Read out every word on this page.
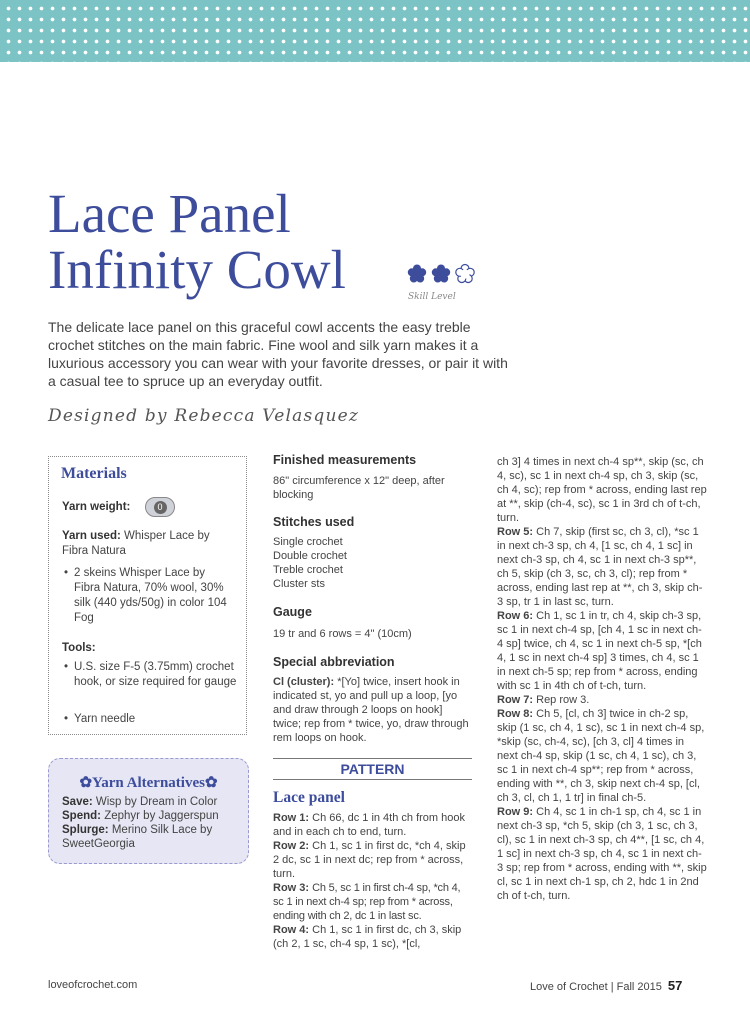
Lace Panel
Infinity Cowl	Skill Level

The delicate lace panel on this graceful cowl accents the easy treble crochet stitches on the main fabric. Fine wool and silk yarn makes it a luxurious accessory you can wear with your favorite dresses, or pair it with a casual tee to spruce up an everyday outfit.

Designed by Rebecca Velasquez
Materials
Yarn weight:	0
Yarn used: Whisper Lace by Fibra Natura
• 2 skeins Whisper Lace by Fibra Natura, 70% wool, 30% silk (440 yds/50g) in color 104 Fog
Tools:
• U.S. size F-5 (3.75mm) crochet hook, or size required for gauge
• Yarn needle
✿Yarn Alternatives✿
Save: Wisp by Dream in Color
Spend: Zephyr by Jaggerspun
Splurge: Merino Silk Lace by SweetGeorgia
Finished measurements
86" circumference x 12" deep, after blocking
Stitches used
Single crochet
Double crochet
Treble crochet
Cluster sts
Gauge
19 tr and 6 rows = 4" (10cm)
Special abbreviation
Cl (cluster): *[Yo] twice, insert hook in indicated st, yo and pull up a loop, [yo and draw through 2 loops on hook] twice; rep from * twice, yo, draw through rem loops on hook.
PATTERN
Lace panel
Row 1: Ch 66, dc 1 in 4th ch from hook and in each ch to end, turn.
Row 2: Ch 1, sc 1 in first dc, *ch 4, skip 2 dc, sc 1 in next dc; rep from * across, turn.
Row 3: Ch 5, sc 1 in first ch-4 sp, *ch 4, sc 1 in next ch-4 sp; rep from * across, ending with ch 2, dc 1 in last sc.
Row 4: Ch 1, sc 1 in first dc, ch 3, skip (ch 2, 1 sc, ch-4 sp, 1 sc), *[cl,
ch 3] 4 times in next ch-4 sp**, skip (sc, ch 4, sc), sc 1 in next ch-4 sp, ch 3, skip (sc, ch 4, sc); rep from * across, ending last rep at **, skip (ch-4, sc), sc 1 in 3rd ch of t-ch, turn.
Row 5: Ch 7, skip (first sc, ch 3, cl), *sc 1 in next ch-3 sp, ch 4, [1 sc, ch 4, 1 sc] in next ch-3 sp, ch 4, sc 1 in next ch-3 sp**, ch 5, skip (ch 3, sc, ch 3, cl); rep from * across, ending last rep at **, ch 3, skip ch-3 sp, tr 1 in last sc, turn.
Row 6: Ch 1, sc 1 in tr, ch 4, skip ch-3 sp, sc 1 in next ch-4 sp, [ch 4, 1 sc in next ch-4 sp] twice, ch 4, sc 1 in next ch-5 sp, *[ch 4, 1 sc in next ch-4 sp] 3 times, ch 4, sc 1 in next ch-5 sp; rep from * across, ending with sc 1 in 4th ch of t-ch, turn.
Row 7: Rep row 3.
Row 8: Ch 5, [cl, ch 3] twice in ch-2 sp, skip (1 sc, ch 4, 1 sc), sc 1 in next ch-4 sp, *skip (sc, ch-4, sc), [ch 3, cl] 4 times in next ch-4 sp, skip (1 sc, ch 4, 1 sc), ch 3, sc 1 in next ch-4 sp**; rep from * across, ending with **, ch 3, skip next ch-4 sp, [cl, ch 3, cl, ch 1, 1 tr] in final ch-5.
Row 9: Ch 4, sc 1 in ch-1 sp, ch 4, sc 1 in next ch-3 sp, *ch 5, skip (ch 3, 1 sc, ch 3, cl), sc 1 in next ch-3 sp, ch 4**, [1 sc, ch 4, 1 sc] in next ch-3 sp, ch 4, sc 1 in next ch-3 sp; rep from * across, ending with **, skip cl, sc 1 in next ch-1 sp, ch 2, hdc 1 in 2nd ch of t-ch, turn.
loveofcrochet.com	Love of Crochet | Fall 2015 57
